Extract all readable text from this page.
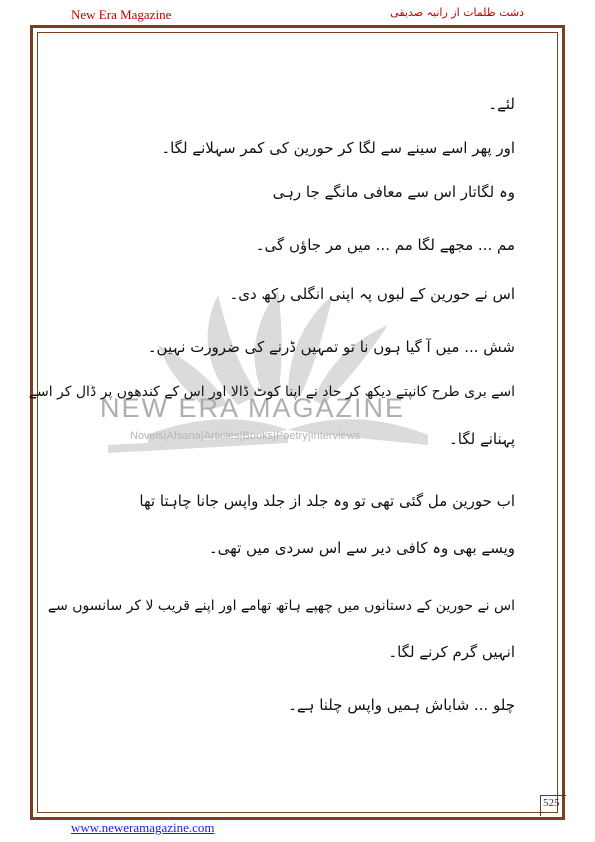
New Era Magazine	دشت ظلمات از رانیہ صدیقی
NEW ERA MAGAZINE
Novels|Afsana|Articles|Books|Poetry|Interviews
لئے۔
اور پھر اسے سینے سے لگا کر حورین کی کمر سہلانے لگا۔
وہ لگاتار اس سے معافی مانگے جا رہی
مم ... مجھے لگا مم ... میں مر جاؤں گی۔
اس نے حورین کے لبوں پہ اپنی انگلی رکھ دی۔
شش ... میں آ گیا ہوں نا تو تمہیں ڈرنے کی ضرورت نہیں۔
اسے بری طرح کانپتے دیکھ کر حاد نے اپنا کوٹ ڈالا اور اس کے کندھوں پر ڈال کر اسے
پہنانے لگا۔
اب حورین مل گئی تھی تو وہ جلد از جلد واپس جانا چاہتا تھا
ویسے بھی وہ کافی دیر سے اس سردی میں تھی۔
اس نے حورین کے دستانوں میں چھپے ہاتھ تھامے اور اپنے قریب لا کر سانسوں سے
انہیں گرم کرنے لگا۔
چلو ... شاباش ہمیں واپس چلنا ہے۔
525
www.neweramagazine.com
